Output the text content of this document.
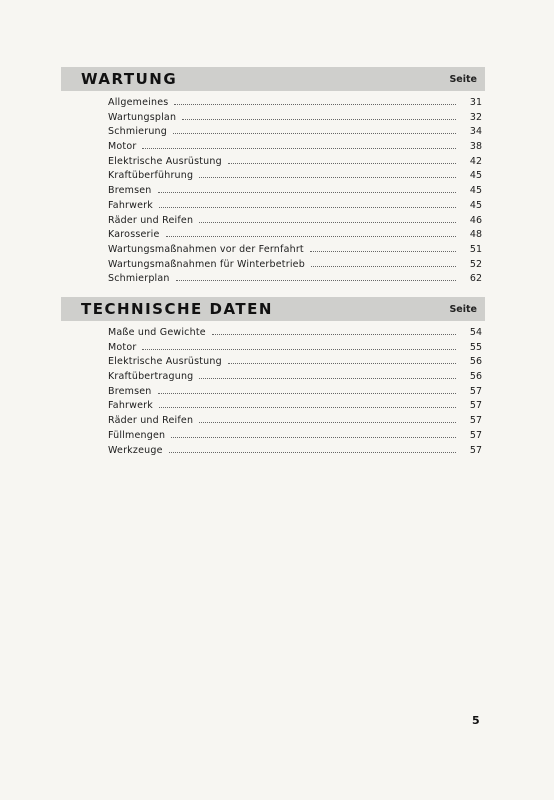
WARTUNG	Seite
Allgemeines	31
Wartungsplan	32
Schmierung	34
Motor	38
Elektrische Ausrüstung	42
Kraftüberführung	45
Bremsen	45
Fahrwerk	45
Räder und Reifen	46
Karosserie	48
Wartungsmaßnahmen vor der Fernfahrt	51
Wartungsmaßnahmen für Winterbetrieb	52
Schmierplan	62
TECHNISCHE DATEN	Seite
Maße und Gewichte	54
Motor	55
Elektrische Ausrüstung	56
Kraftübertragung	56
Bremsen	57
Fahrwerk	57
Räder und Reifen	57
Füllmengen	57
Werkzeuge	57
5
